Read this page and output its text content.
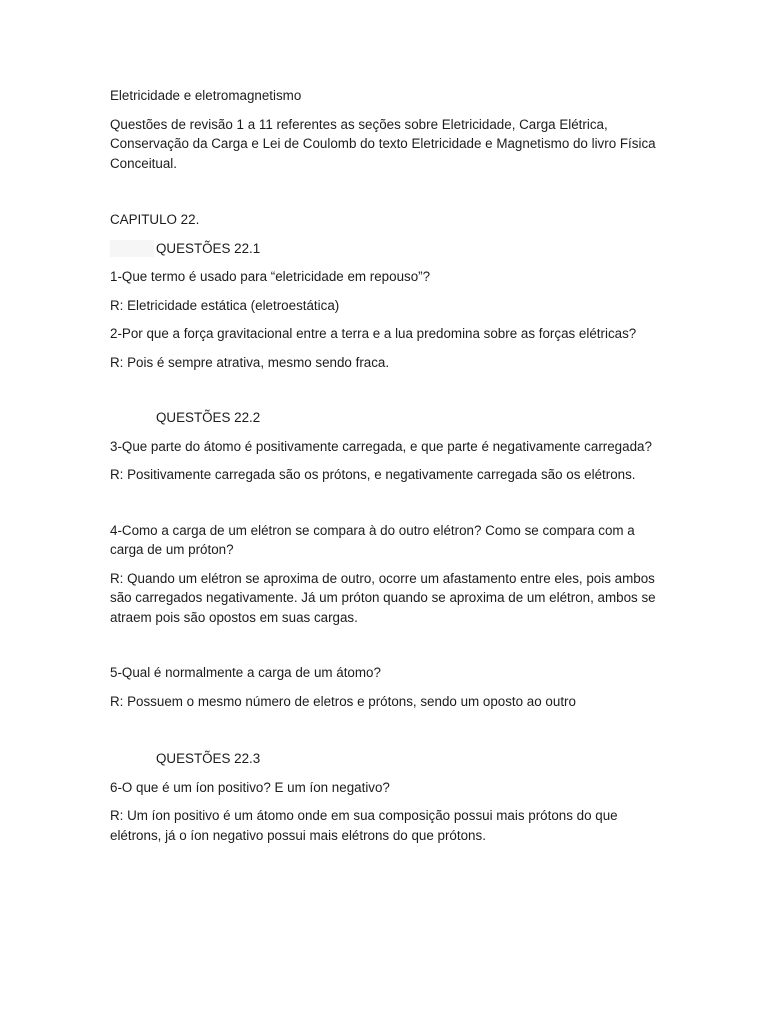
Eletricidade e eletromagnetismo

Questões de revisão 1 a 11 referentes as seções sobre Eletricidade, Carga Elétrica, Conservação da Carga e Lei de Coulomb do texto Eletricidade e Magnetismo do livro Física Conceitual.

CAPITULO 22.

QUESTÕES 22.1

1-Que termo é usado para “eletricidade em repouso”?

R: Eletricidade estática (eletroestática)

2-Por que a força gravitacional entre a terra e a lua predomina sobre as forças elétricas?

R: Pois é sempre atrativa, mesmo sendo fraca.

QUESTÕES 22.2

3-Que parte do átomo é positivamente carregada, e que parte é negativamente carregada?

R: Positivamente carregada são os prótons, e negativamente carregada são os elétrons.

4-Como a carga de um elétron se compara à do outro elétron? Como se compara com a carga de um próton?

R: Quando um elétron se aproxima de outro, ocorre um afastamento entre eles, pois ambos são carregados negativamente. Já um próton quando se aproxima de um elétron, ambos se atraem pois são opostos em suas cargas.

5-Qual é normalmente a carga de um átomo?

R: Possuem o mesmo número de eletros e prótons, sendo um oposto ao outro

QUESTÕES 22.3

6-O que é um íon positivo? E um íon negativo?

R: Um íon positivo é um átomo onde em sua composição possui mais prótons do que elétrons, já o íon negativo possui mais elétrons do que prótons.
